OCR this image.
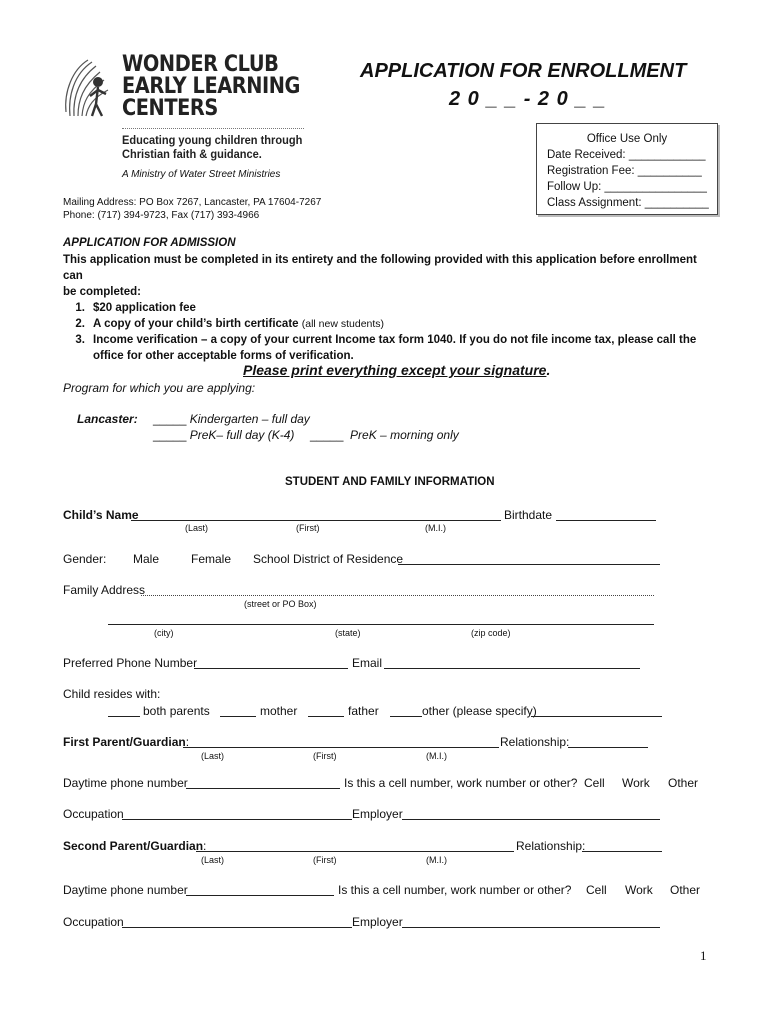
WONDER CLUB
EARLY LEARNING
CENTERS
Educating young children through
Christian faith & guidance.
A Ministry of Water Street Ministries
Mailing Address: PO Box 7267, Lancaster, PA 17604-7267
Phone: (717) 394-9723, Fax (717) 393-4966
APPLICATION FOR ENROLLMENT
2 0 _ _ - 2 0 _ _
Office Use Only
Date Received: ____________
Registration Fee: __________
Follow Up: ________________
Class Assignment: __________
APPLICATION FOR ADMISSION
This application must be completed in its entirety and the following provided with this application before enrollment can
be completed:
1. $20 application fee
2. A copy of your child’s birth certificate (all new students)
3. Income verification – a copy of your current Income tax form 1040. If you do not file income tax, please call the
office for other acceptable forms of verification.
Please print everything except your signature.
Program for which you are applying:
Lancaster: _____ Kindergarten – full day
_____ PreK– full day (K-4) _____ PreK – morning only
STUDENT AND FAMILY INFORMATION
Child’s Name	Birthdate
(Last)	(First)	(M.I.)
Gender: Male	Female School District of Residence
Family Address
(street or PO Box)
(city)	(state)	(zip code)
Preferred Phone Number	Email
Child resides with:
both parents	mother	father	other (please specify)
First Parent/Guardian:	Relationship:
(Last)	(First)	(M.I.)
Daytime phone number	Is this a cell number, work number or other? Cell Work Other
Occupation	Employer
Second Parent/Guardian:	Relationship:
(Last)	(First)	(M.I.)
Daytime phone number	Is this a cell number, work number or other? Cell Work Other
Occupation	Employer
1
